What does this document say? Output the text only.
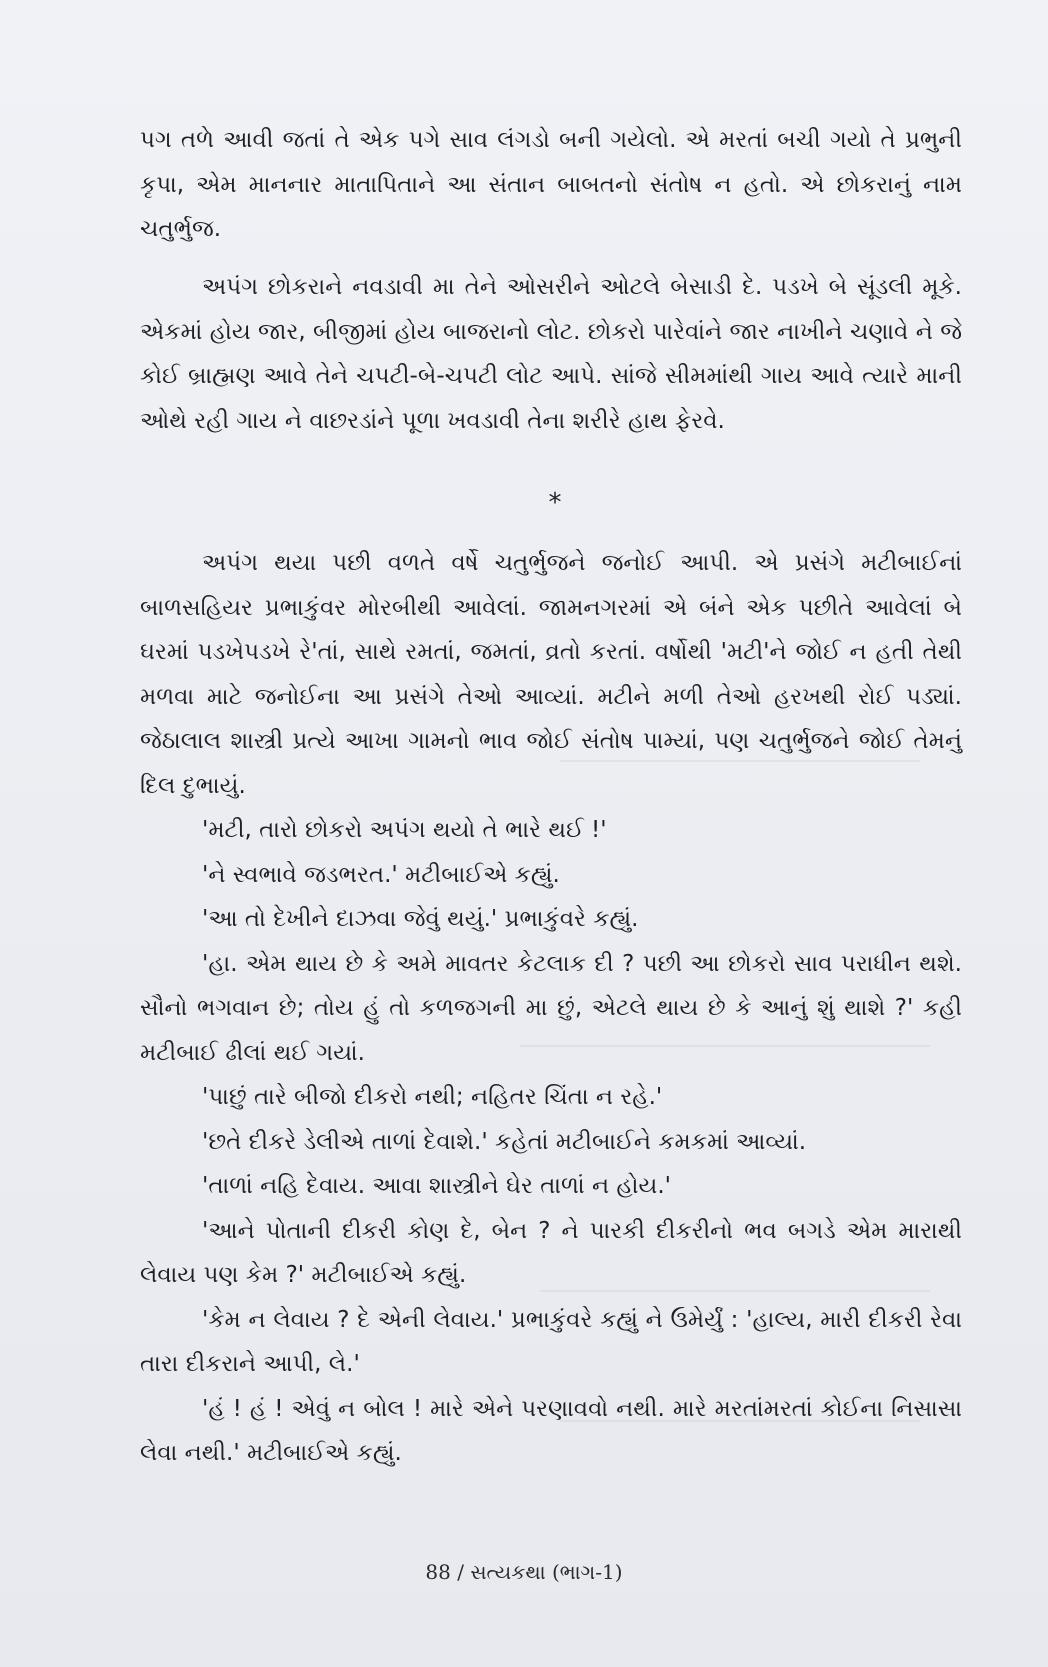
પગ તળે આવી જતાં તે એક પગે સાવ લંગડો બની ગયેલો. એ મરતાં બચી ગયો તે પ્રભુની કૃપા, એમ માનનાર માતાપિતાને આ સંતાન બાબતનો સંતોષ ન હતો. એ છોકરાનું નામ ચતુર્ભુજ.

અપંગ છોકરાને નવડાવી મા તેને ઓસરીને ઓટલે બેસાડી દે. પડખે બે સૂંડલી મૂકે. એકમાં હોય જાર, બીજીમાં હોય બાજરાનો લોટ. છોકરો પારેવાંને જાર નાખીને ચણાવે ને જે કોઈ બ્રાહ્મણ આવે તેને ચપટી-બે-ચપટી લોટ આપે. સાંજે સીમમાંથી ગાય આવે ત્યારે માની ઓથે રહી ગાય ને વાછરડાંને પૂળા ખવડાવી તેના શરીરે હાથ ફેરવે.

*

અપંગ થયા પછી વળતે વર્ષે ચતુર્ભુજને જનોઈ આપી. એ પ્રસંગે મટીબાઈનાં બાળસહિયર પ્રભાકુંવર મોરબીથી આવેલાં. જામનગરમાં એ બંને એક પછીતે આવેલાં બે ઘરમાં પડખેપડખે રે'તાં, સાથે રમતાં, જમતાં, વ્રતો કરતાં. વર્ષોથી 'મટી'ને જોઈ ન હતી તેથી મળવા માટે જનોઈના આ પ્રસંગે તેઓ આવ્યાં. મટીને મળી તેઓ હરખથી રોઈ પડ્યાં. જેઠાલાલ શાસ્ત્રી પ્રત્યે આખા ગામનો ભાવ જોઈ સંતોષ પામ્યાં, પણ ચતુર્ભુજને જોઈ તેમનું દિલ દુભાયું.

'મટી, તારો છોકરો અપંગ થયો તે ભારે થઈ !'

'ને સ્વભાવે જડભરત.' મટીબાઈએ કહ્યું.

'આ તો દેખીને દાઝવા જેવું થયું.' પ્રભાકુંવરે કહ્યું.

'હા. એમ થાય છે કે અમે માવતર કેટલાક દી ? પછી આ છોકરો સાવ પરાધીન થશે. સૌનો ભગવાન છે; તોય હું તો કળજગની મા છું, એટલે થાય છે કે આનું શું થાશે ?' કહી મટીબાઈ ઢીલાં થઈ ગયાં.

'પાછું તારે બીજો દીકરો નથી; નહિતર ચિંતા ન રહે.'

'છતે દીકરે ડેલીએ તાળાં દેવાશે.' કહેતાં મટીબાઈને કમકમાં આવ્યાં.

'તાળાં નહિ દેવાય. આવા શાસ્ત્રીને ઘેર તાળાં ન હોય.'

'આને પોતાની દીકરી કોણ દે, બેન ? ને પારકી દીકરીનો ભવ બગડે એમ મારાથી લેવાય પણ કેમ ?' મટીબાઈએ કહ્યું.

'કેમ ન લેવાય ? દે એની લેવાય.' પ્રભાકુંવરે કહ્યું ને ઉમેર્યું : 'હાલ્ય, મારી દીકરી રેવા તારા દીકરાને આપી, લે.'

'હં ! હં ! એવું ન બોલ ! મારે એને પરણાવવો નથી. મારે મરતાંમરતાં કોઈના નિસાસા લેવા નથી.' મટીબાઈએ કહ્યું.

88 / સત્યકથા (ભાગ-1)
